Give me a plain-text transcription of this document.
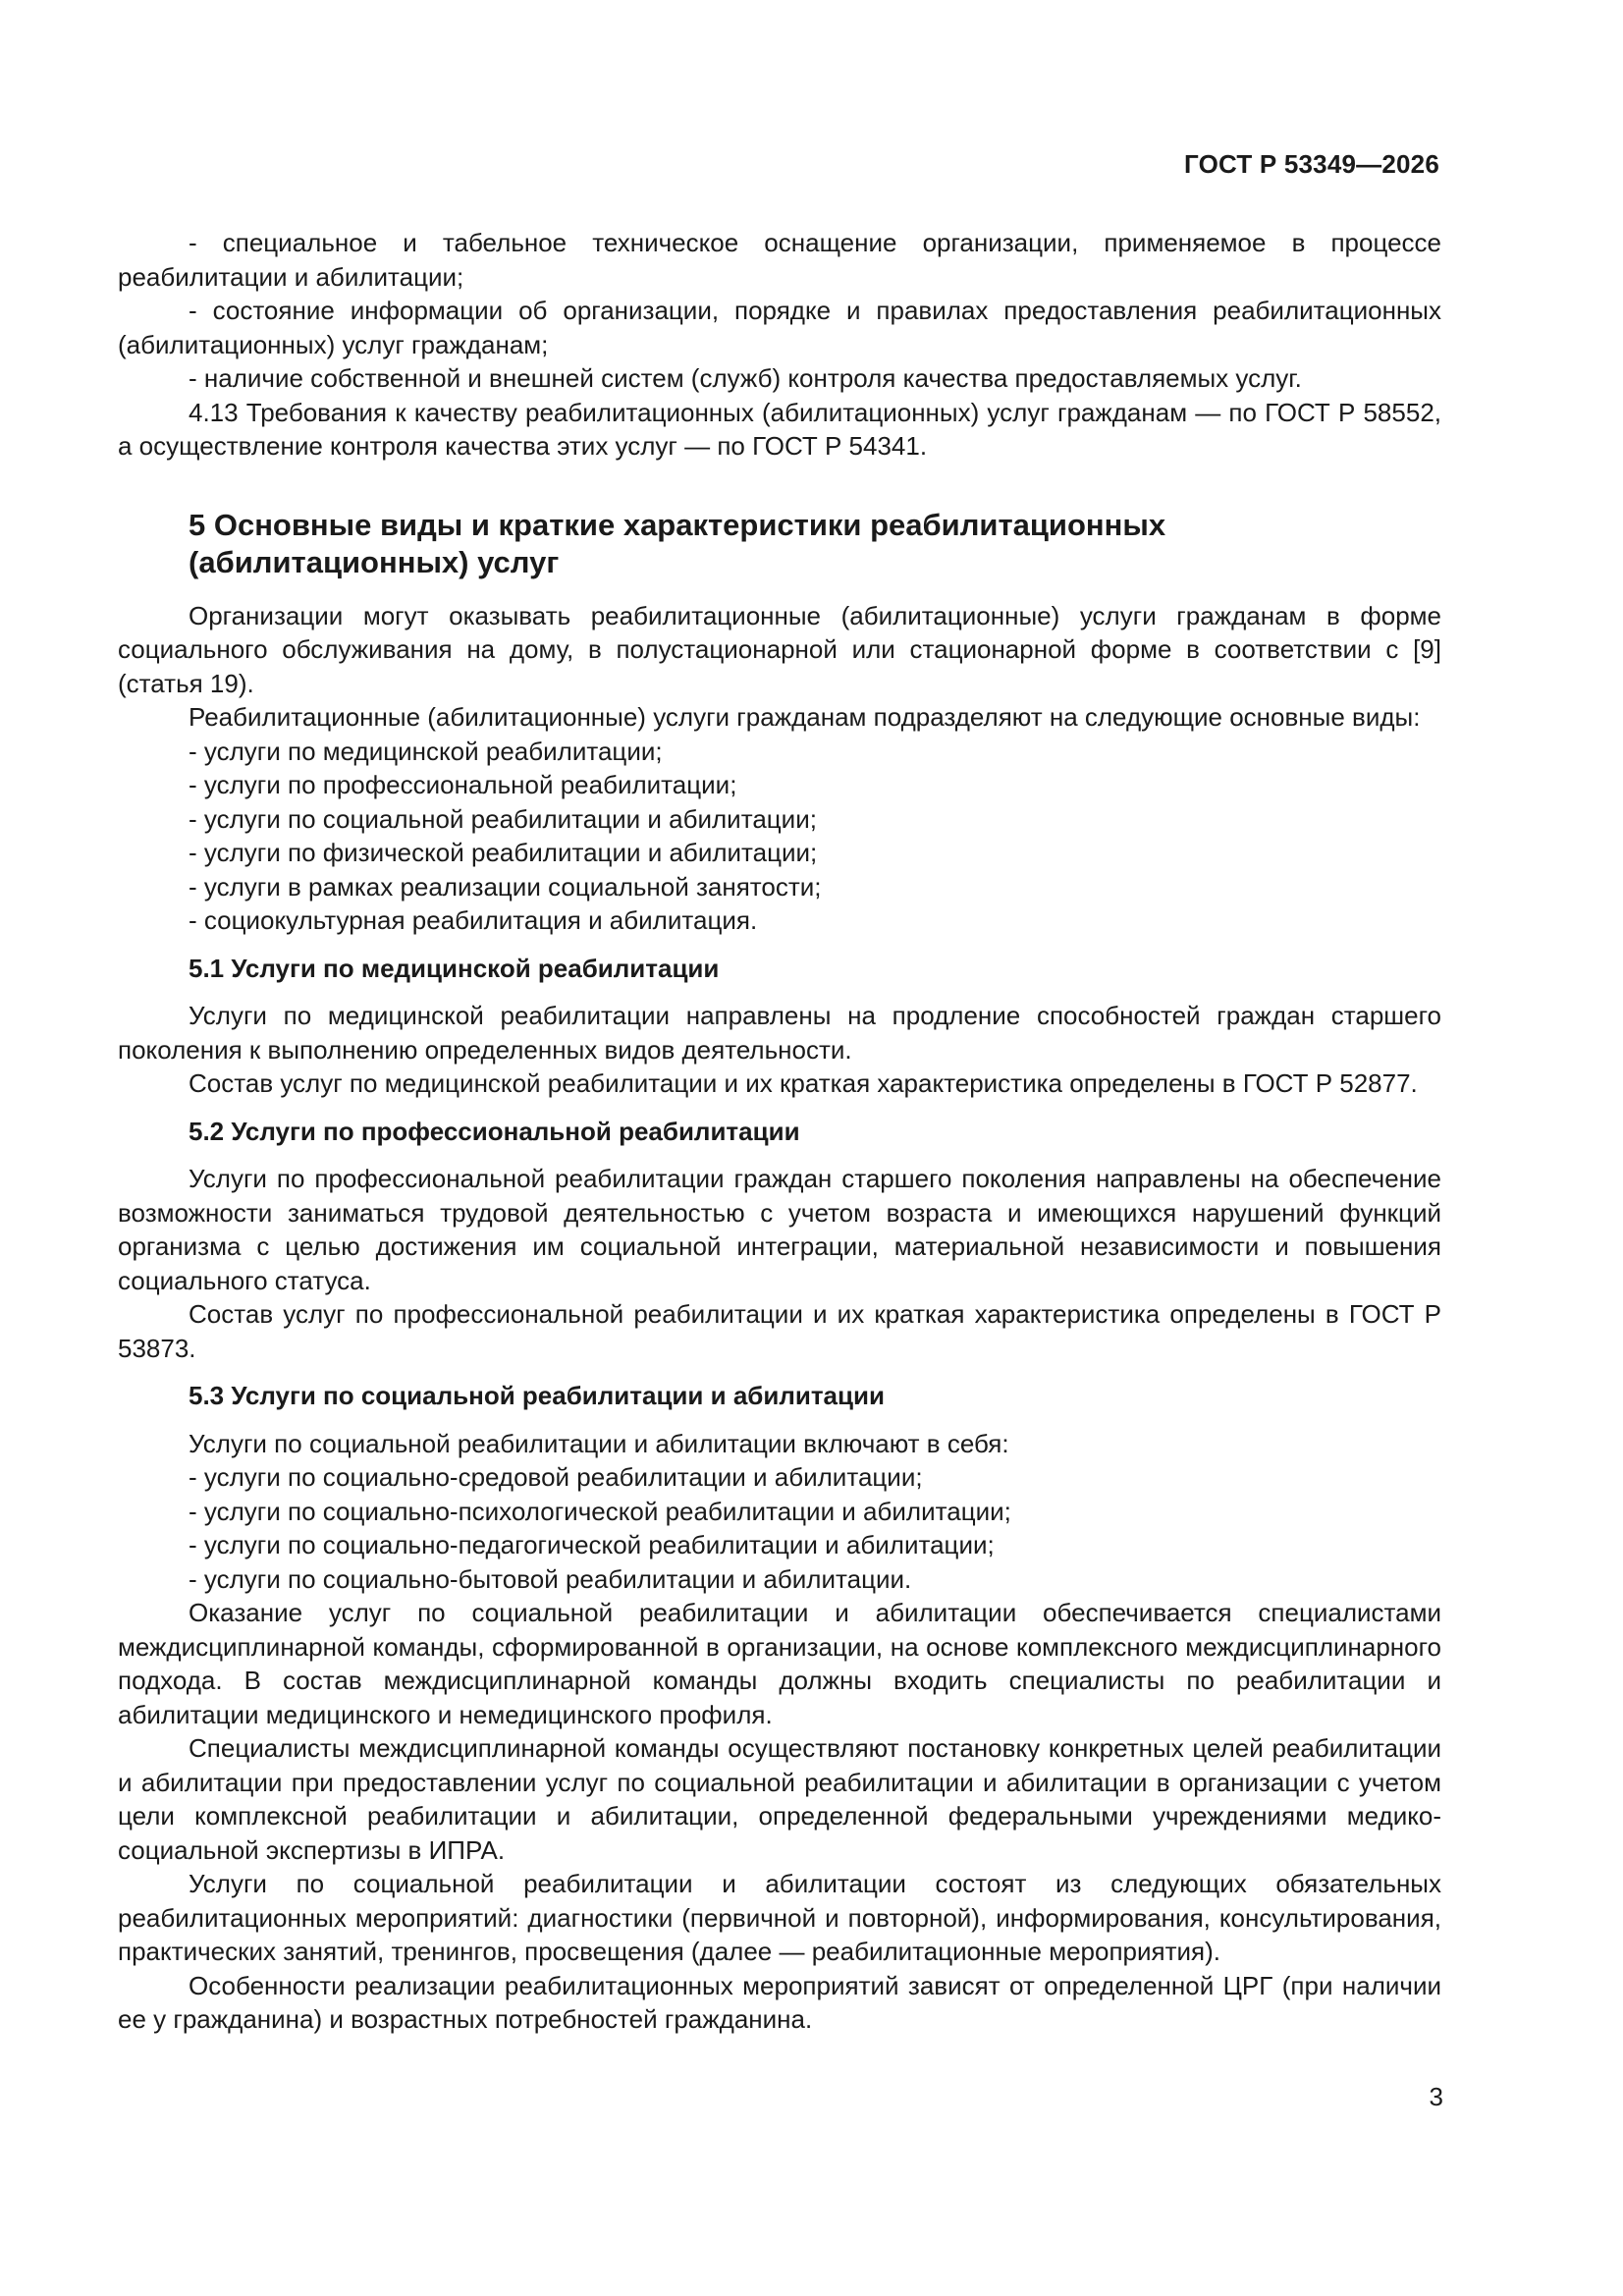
ГОСТ Р 53349—2026

- специальное и табельное техническое оснащение организации, применяемое в процессе реабилитации и абилитации;

- состояние информации об организации, порядке и правилах предоставления реабилитационных (абилитационных) услуг гражданам;

- наличие собственной и внешней систем (служб) контроля качества предоставляемых услуг.

4.13 Требования к качеству реабилитационных (абилитационных) услуг гражданам — по ГОСТ Р 58552, а осуществление контроля качества этих услуг — по ГОСТ Р 54341.

5 Основные виды и краткие характеристики реабилитационных (абилитационных) услуг

Организации могут оказывать реабилитационные (абилитационные) услуги гражданам в форме социального обслуживания на дому, в полустационарной или стационарной форме в соответствии с [9] (статья 19).

Реабилитационные (абилитационные) услуги гражданам подразделяют на следующие основные виды:

- услуги по медицинской реабилитации;

- услуги по профессиональной реабилитации;

- услуги по социальной реабилитации и абилитации;

- услуги по физической реабилитации и абилитации;

- услуги в рамках реализации социальной занятости;

- социокультурная реабилитация и абилитация.

5.1 Услуги по медицинской реабилитации

Услуги по медицинской реабилитации направлены на продление способностей граждан старшего поколения к выполнению определенных видов деятельности.

Состав услуг по медицинской реабилитации и их краткая характеристика определены в ГОСТ Р 52877.

5.2 Услуги по профессиональной реабилитации

Услуги по профессиональной реабилитации граждан старшего поколения направлены на обеспечение возможности заниматься трудовой деятельностью с учетом возраста и имеющихся нарушений функций организма с целью достижения им социальной интеграции, материальной независимости и повышения социального статуса.

Состав услуг по профессиональной реабилитации и их краткая характеристика определены в ГОСТ Р 53873.

5.3 Услуги по социальной реабилитации и абилитации

Услуги по социальной реабилитации и абилитации включают в себя:

- услуги по социально-средовой реабилитации и абилитации;

- услуги по социально-психологической реабилитации и абилитации;

- услуги по социально-педагогической реабилитации и абилитации;

- услуги по социально-бытовой реабилитации и абилитации.

Оказание услуг по социальной реабилитации и абилитации обеспечивается специалистами междисциплинарной команды, сформированной в организации, на основе комплексного междисциплинарного подхода. В состав междисциплинарной команды должны входить специалисты по реабилитации и абилитации медицинского и немедицинского профиля.

Специалисты междисциплинарной команды осуществляют постановку конкретных целей реабилитации и абилитации при предоставлении услуг по социальной реабилитации и абилитации в организации с учетом цели комплексной реабилитации и абилитации, определенной федеральными учреждениями медико-социальной экспертизы в ИПРА.

Услуги по социальной реабилитации и абилитации состоят из следующих обязательных реабилитационных мероприятий: диагностики (первичной и повторной), информирования, консультирования, практических занятий, тренингов, просвещения (далее — реабилитационные мероприятия).

Особенности реализации реабилитационных мероприятий зависят от определенной ЦРГ (при наличии ее у гражданина) и возрастных потребностей гражданина.

3
